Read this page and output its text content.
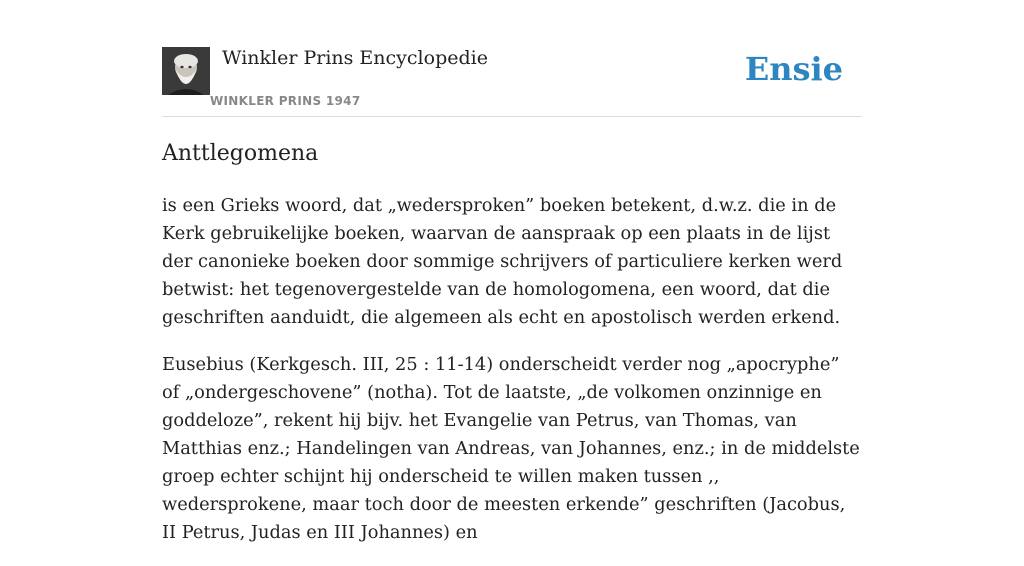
Winkler Prins Encyclopedie
WINKLER PRINS 1947
Ensie
Anttlegomena

is een Grieks woord, dat „wedersproken” boeken betekent, d.w.z. die in de Kerk gebruikelijke boeken, waarvan de aanspraak op een plaats in de lijst der canonieke boeken door sommige schrijvers of particuliere kerken werd betwist: het tegenovergestelde van de homologomena, een woord, dat die geschriften aanduidt, die algemeen als echt en apostolisch werden erkend.

Eusebius (Kerkgesch. III, 25 : 11-14) onderscheidt verder nog „apocryphe” of „ondergeschovene” (notha). Tot de laatste, „de volkomen onzinnige en goddeloze”, rekent hij bijv. het Evangelie van Petrus, van Thomas, van Matthias enz.; Handelingen van Andreas, van Johannes, enz.; in de middelste groep echter schijnt hij onderscheid te willen maken tussen ,, wedersprokene, maar toch door de meesten erkende” geschriften (Jacobus, II Petrus, Judas en III Johannes) en
